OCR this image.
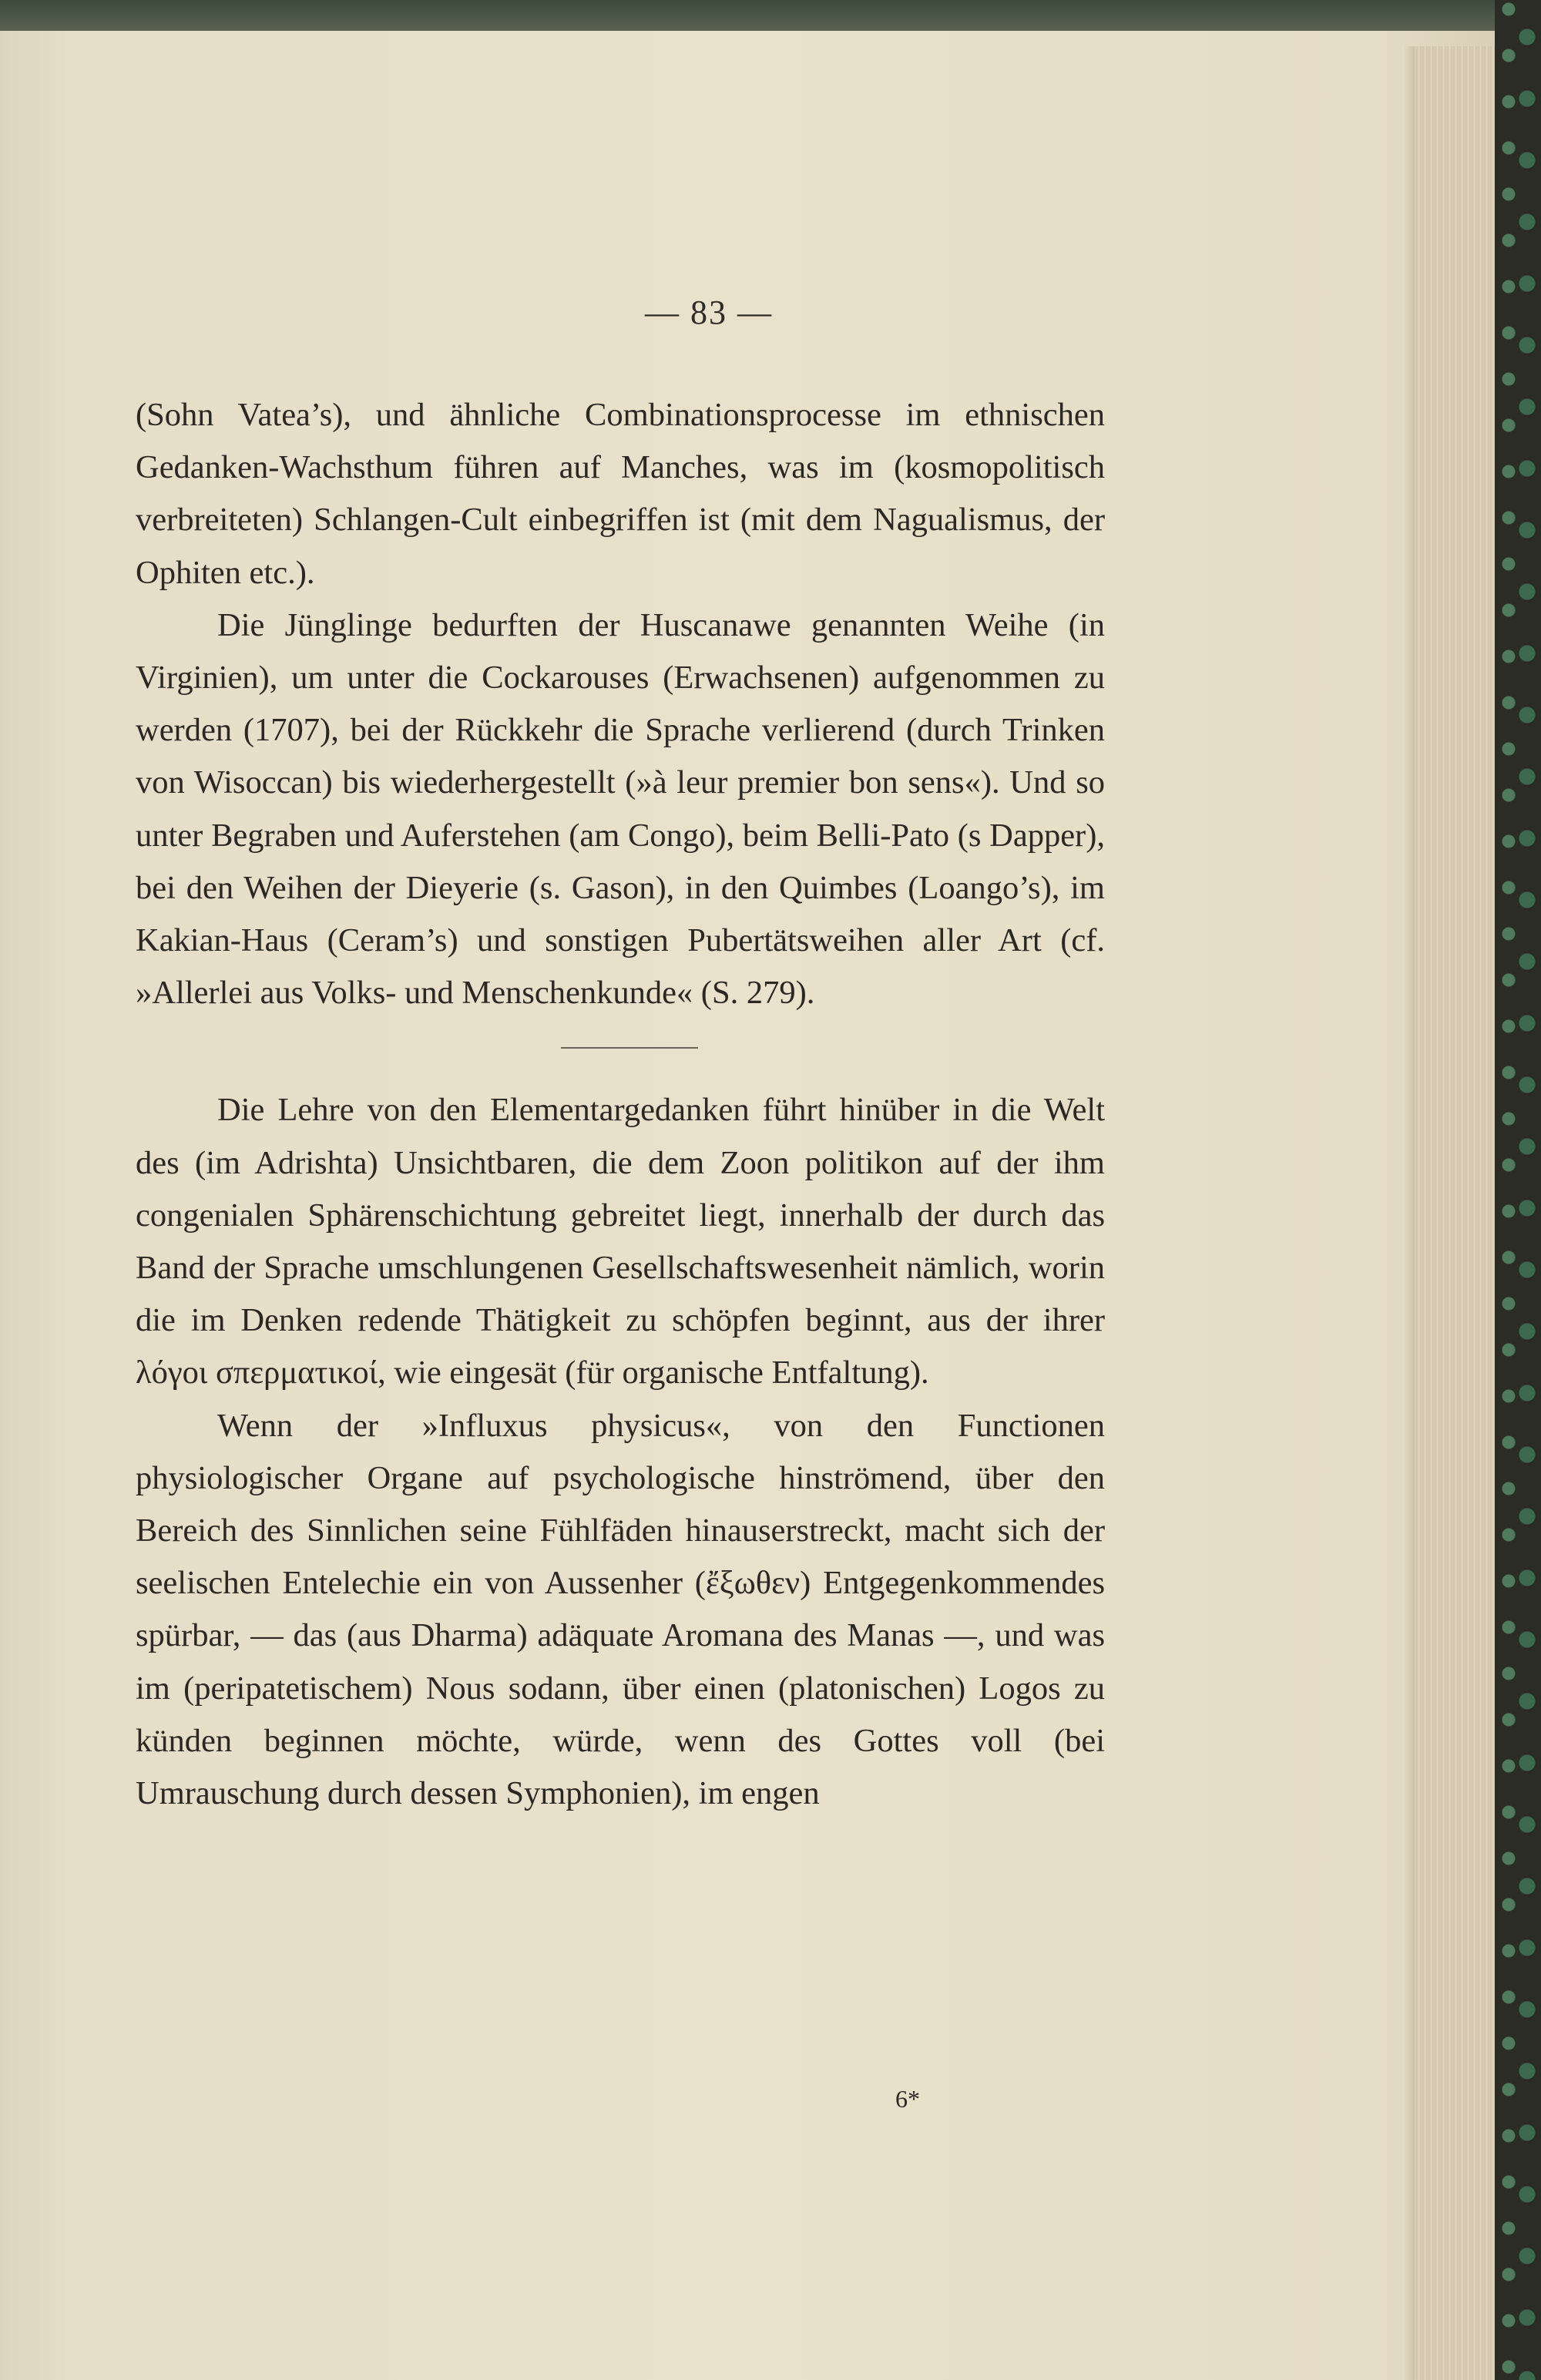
— 83 —

(Sohn Vatea’s), und ähnliche Combinationsprocesse im ethnischen Gedanken-Wachsthum führen auf Manches, was im (kosmopolitisch verbreiteten) Schlangen-Cult einbegriffen ist (mit dem Nagualismus, der Ophiten etc.).

Die Jünglinge bedurften der Huscanawe genannten Weihe (in Virginien), um unter die Cockarouses (Erwachsenen) aufgenommen zu werden (1707), bei der Rückkehr die Sprache verlierend (durch Trinken von Wisoccan) bis wiederhergestellt (»à leur premier bon sens«). Und so unter Begraben und Auferstehen (am Congo), beim Belli-Pato (s Dapper), bei den Weihen der Dieyerie (s. Gason), in den Quimbes (Loango’s), im Kakian-Haus (Ceram’s) und sonstigen Pubertätsweihen aller Art (cf. »Allerlei aus Volks- und Menschenkunde« (S. 279).

Die Lehre von den Elementargedanken führt hinüber in die Welt des (im Adrishta) Unsichtbaren, die dem Zoon politikon auf der ihm congenialen Sphärenschichtung gebreitet liegt, innerhalb der durch das Band der Sprache umschlungenen Gesellschaftswesenheit nämlich, worin die im Denken redende Thätigkeit zu schöpfen beginnt, aus der ihrer λόγοι σπερματικοί, wie eingesät (für organische Entfaltung).

Wenn der »Influxus physicus«, von den Functionen physiologischer Organe auf psychologische hinströmend, über den Bereich des Sinnlichen seine Fühlfäden hinauserstreckt, macht sich der seelischen Entelechie ein von Aussenher (ἔξωθεν) Entgegenkommendes spürbar, — das (aus Dharma) adäquate Aromana des Manas —, und was im (peripatetischem) Nous sodann, über einen (platonischen) Logos zu künden beginnen möchte, würde, wenn des Gottes voll (bei Umrauschung durch dessen Symphonien), im engen

6*
